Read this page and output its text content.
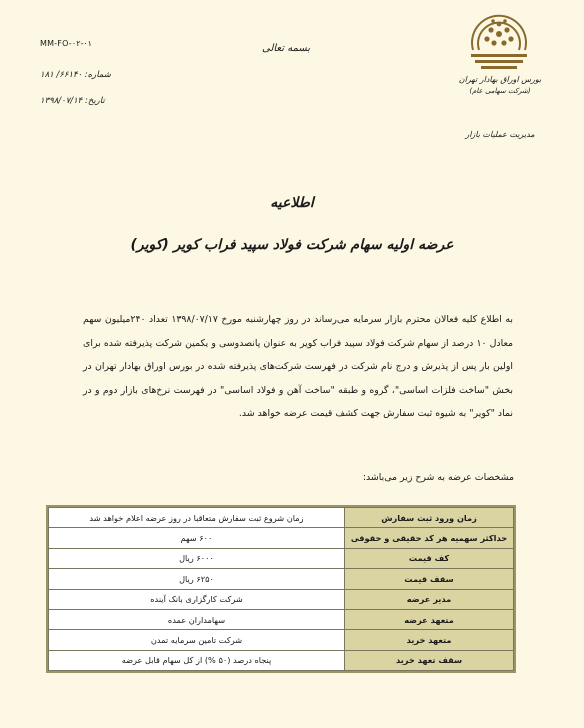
MM-FO-۰۲-۰۱
شماره: ۶۶۱۴۰/ ۱۸۱
تاریخ: ۱۳۹۸/۰۷/۱۴
بسمه تعالی
بورس اوراق بهادار تهران
(شرکت سهامی عام)
مدیریت عملیات بازار
اطلاعیه
عرضه اولیه سهام شرکت فولاد سپید فراب کویر (کویر)
به اطلاع کلیه فعالان محترم بازار سرمایه می‌رساند در روز چهارشنبه مورخ ۱۳۹۸/۰۷/۱۷ تعداد ۲۴۰میلیون سهم معادل ۱۰ درصد از سهام شرکت فولاد سپید فراب کویر به عنوان پانصدوسی و یکمین شرکت پذیرفته شده برای اولین بار پس از پذیرش و درج نام شرکت در فهرست شرکت‌های پذیرفته شده در بورس اوراق بهادار تهران در بخش "ساخت فلزات اساسی"، گروه و طبقه "ساخت آهن و فولاد اساسی" در فهرست نرخ‌های بازار دوم و در نماد "کویر" به شیوه ثبت سفارش جهت کشف قیمت عرضه خواهد شد.
مشخصات عرضه به شرح زیر می‌باشد:
زمان ورود ثبت سفارش	زمان شروع ثبت سفارش متعاقبا در روز عرضه اعلام خواهد شد
حداکثر سهمیه هر کد حقیقی و حقوقی	۶۰۰ سهم
کف قیمت	۶۰۰۰ ریال
سقف قیمت	۶۲۵۰ ریال
مدیر عرضه	شرکت کارگزاری بانک آینده
متعهد عرضه	سهامداران عمده
متعهد خرید	شرکت تامین سرمایه تمدن
سقف تعهد خرید	پنجاه درصد (۵۰ %) از کل سهام قابل عرضه
